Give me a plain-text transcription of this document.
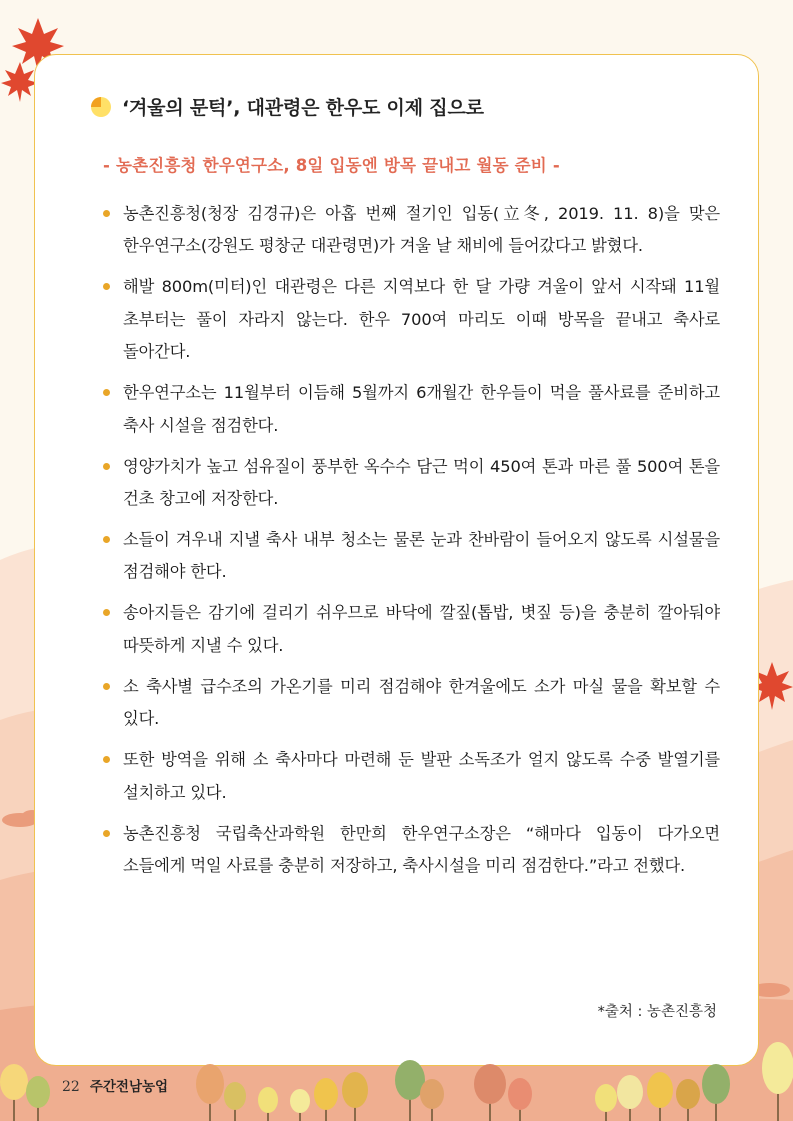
‘겨울의 문턱’, 대관령은 한우도 이제 집으로
- 농촌진흥청 한우연구소, 8일 입동엔 방목 끝내고 월동 준비 -
농촌진흥청(청장 김경규)은 아홉 번째 절기인 입동(立冬, 2019. 11. 8)을 맞은 한우연구소(강원도 평창군 대관령면)가 겨울 날 채비에 들어갔다고 밝혔다.
해발 800m(미터)인 대관령은 다른 지역보다 한 달 가량 겨울이 앞서 시작돼 11월 초부터는 풀이 자라지 않는다. 한우 700여 마리도 이때 방목을 끝내고 축사로 돌아간다.
한우연구소는 11월부터 이듬해 5월까지 6개월간 한우들이 먹을 풀사료를 준비하고 축사 시설을 점검한다.
영양가치가 높고 섬유질이 풍부한 옥수수 담근 먹이 450여 톤과 마른 풀 500여 톤을 건초 창고에 저장한다.
소들이 겨우내 지낼 축사 내부 청소는 물론 눈과 찬바람이 들어오지 않도록 시설물을 점검해야 한다.
송아지들은 감기에 걸리기 쉬우므로 바닥에 깔짚(톱밥, 볏짚 등)을 충분히 깔아둬야 따뜻하게 지낼 수 있다.
소 축사별 급수조의 가온기를 미리 점검해야 한겨울에도 소가 마실 물을 확보할 수 있다.
또한 방역을 위해 소 축사마다 마련해 둔 발판 소독조가 얼지 않도록 수중 발열기를 설치하고 있다.
농촌진흥청 국립축산과학원 한만희 한우연구소장은 “해마다 입동이 다가오면 소들에게 먹일 사료를 충분히 저장하고, 축사시설을 미리 점검한다.”라고 전했다.
*출처 : 농촌진흥청
22 주간전남농업
